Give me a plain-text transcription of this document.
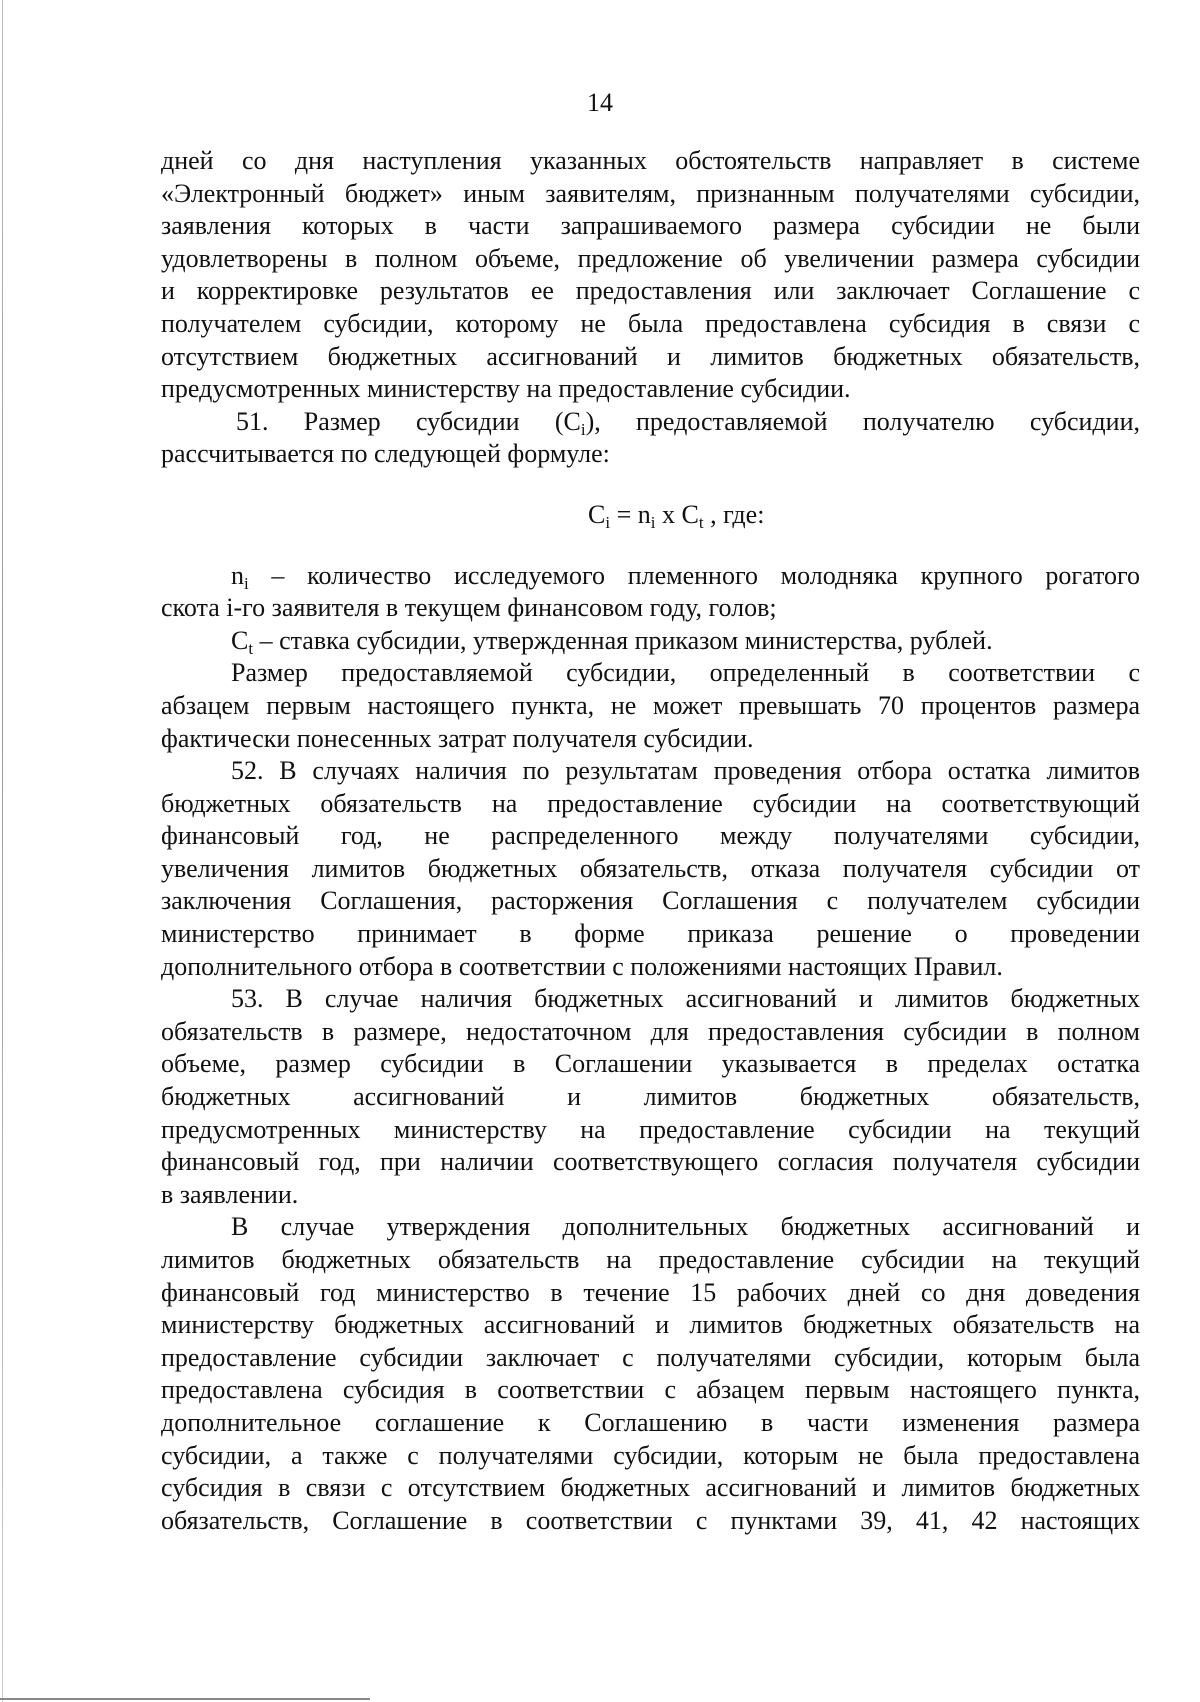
14
дней со дня наступления указанных обстоятельств направляет в системе
«Электронный бюджет» иным заявителям, признанным получателями субсидии,
заявления которых в части запрашиваемого размера субсидии не были
удовлетворены в полном объеме, предложение об увеличении размера субсидии
и корректировке результатов ее предоставления или заключает Соглашение с
получателем субсидии, которому не была предоставлена субсидия в связи с
отсутствием бюджетных ассигнований и лимитов бюджетных обязательств,
предусмотренных министерству на предоставление субсидии.
51. Размер субсидии (Ci), предоставляемой получателю субсидии,
рассчитывается по следующей формуле:
Ci = ni x Ct , где:
ni – количество исследуемого племенного молодняка крупного рогатого
скота i-го заявителя в текущем финансовом году, голов;
Ct – ставка субсидии, утвержденная приказом министерства, рублей.
Размер предоставляемой субсидии, определенный в соответствии с
абзацем первым настоящего пункта, не может превышать 70 процентов размера
фактически понесенных затрат получателя субсидии.
52. В случаях наличия по результатам проведения отбора остатка лимитов
бюджетных обязательств на предоставление субсидии на соответствующий
финансовый год, не распределенного между получателями субсидии,
увеличения лимитов бюджетных обязательств, отказа получателя субсидии от
заключения Соглашения, расторжения Соглашения с получателем субсидии
министерство принимает в форме приказа решение о проведении
дополнительного отбора в соответствии с положениями настоящих Правил.
53. В случае наличия бюджетных ассигнований и лимитов бюджетных
обязательств в размере, недостаточном для предоставления субсидии в полном
объеме, размер субсидии в Соглашении указывается в пределах остатка
бюджетных ассигнований и лимитов бюджетных обязательств,
предусмотренных министерству на предоставление субсидии на текущий
финансовый год, при наличии соответствующего согласия получателя субсидии
в заявлении.
В случае утверждения дополнительных бюджетных ассигнований и
лимитов бюджетных обязательств на предоставление субсидии на текущий
финансовый год министерство в течение 15 рабочих дней со дня доведения
министерству бюджетных ассигнований и лимитов бюджетных обязательств на
предоставление субсидии заключает с получателями субсидии, которым была
предоставлена субсидия в соответствии с абзацем первым настоящего пункта,
дополнительное соглашение к Соглашению в части изменения размера
субсидии, а также с получателями субсидии, которым не была предоставлена
субсидия в связи с отсутствием бюджетных ассигнований и лимитов бюджетных
обязательств, Соглашение в соответствии с пунктами 39, 41, 42 настоящих
